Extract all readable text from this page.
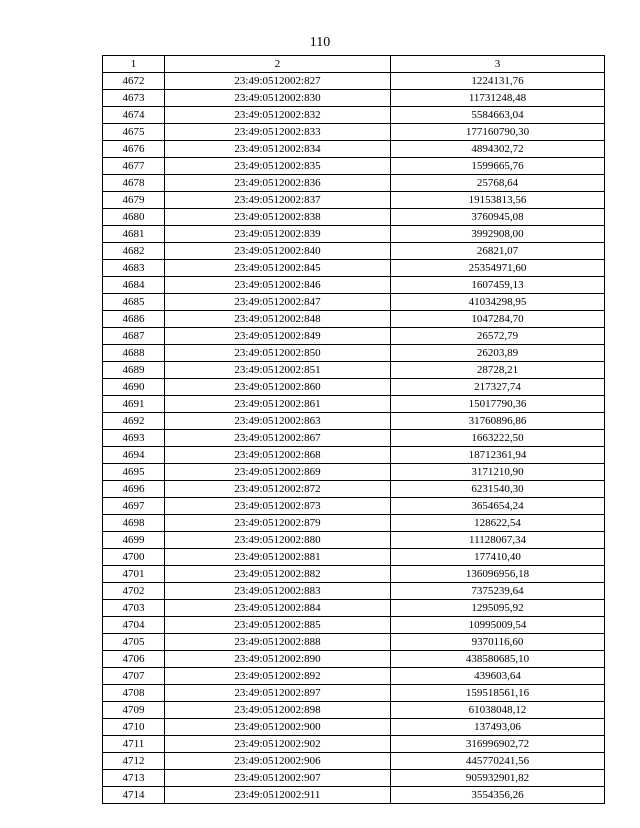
110
1	2	3
4672	23:49:0512002:827	1224131,76
4673	23:49:0512002:830	11731248,48
4674	23:49:0512002:832	5584663,04
4675	23:49:0512002:833	177160790,30
4676	23:49:0512002:834	4894302,72
4677	23:49:0512002:835	1599665,76
4678	23:49:0512002:836	25768,64
4679	23:49:0512002:837	19153813,56
4680	23:49:0512002:838	3760945,08
4681	23:49:0512002:839	3992908,00
4682	23:49:0512002:840	26821,07
4683	23:49:0512002:845	25354971,60
4684	23:49:0512002:846	1607459,13
4685	23:49:0512002:847	41034298,95
4686	23:49:0512002:848	1047284,70
4687	23:49:0512002:849	26572,79
4688	23:49:0512002:850	26203,89
4689	23:49:0512002:851	28728,21
4690	23:49:0512002:860	217327,74
4691	23:49:0512002:861	15017790,36
4692	23:49:0512002:863	31760896,86
4693	23:49:0512002:867	1663222,50
4694	23:49:0512002:868	18712361,94
4695	23:49:0512002:869	3171210,90
4696	23:49:0512002:872	6231540,30
4697	23:49:0512002:873	3654654,24
4698	23:49:0512002:879	128622,54
4699	23:49:0512002:880	11128067,34
4700	23:49:0512002:881	177410,40
4701	23:49:0512002:882	136096956,18
4702	23:49:0512002:883	7375239,64
4703	23:49:0512002:884	1295095,92
4704	23:49:0512002:885	10995009,54
4705	23:49:0512002:888	9370116,60
4706	23:49:0512002:890	438580685,10
4707	23:49:0512002:892	439603,64
4708	23:49:0512002:897	159518561,16
4709	23:49:0512002:898	61038048,12
4710	23:49:0512002:900	137493,06
4711	23:49:0512002:902	316996902,72
4712	23:49:0512002:906	445770241,56
4713	23:49:0512002:907	905932901,82
4714	23:49:0512002:911	3554356,26
